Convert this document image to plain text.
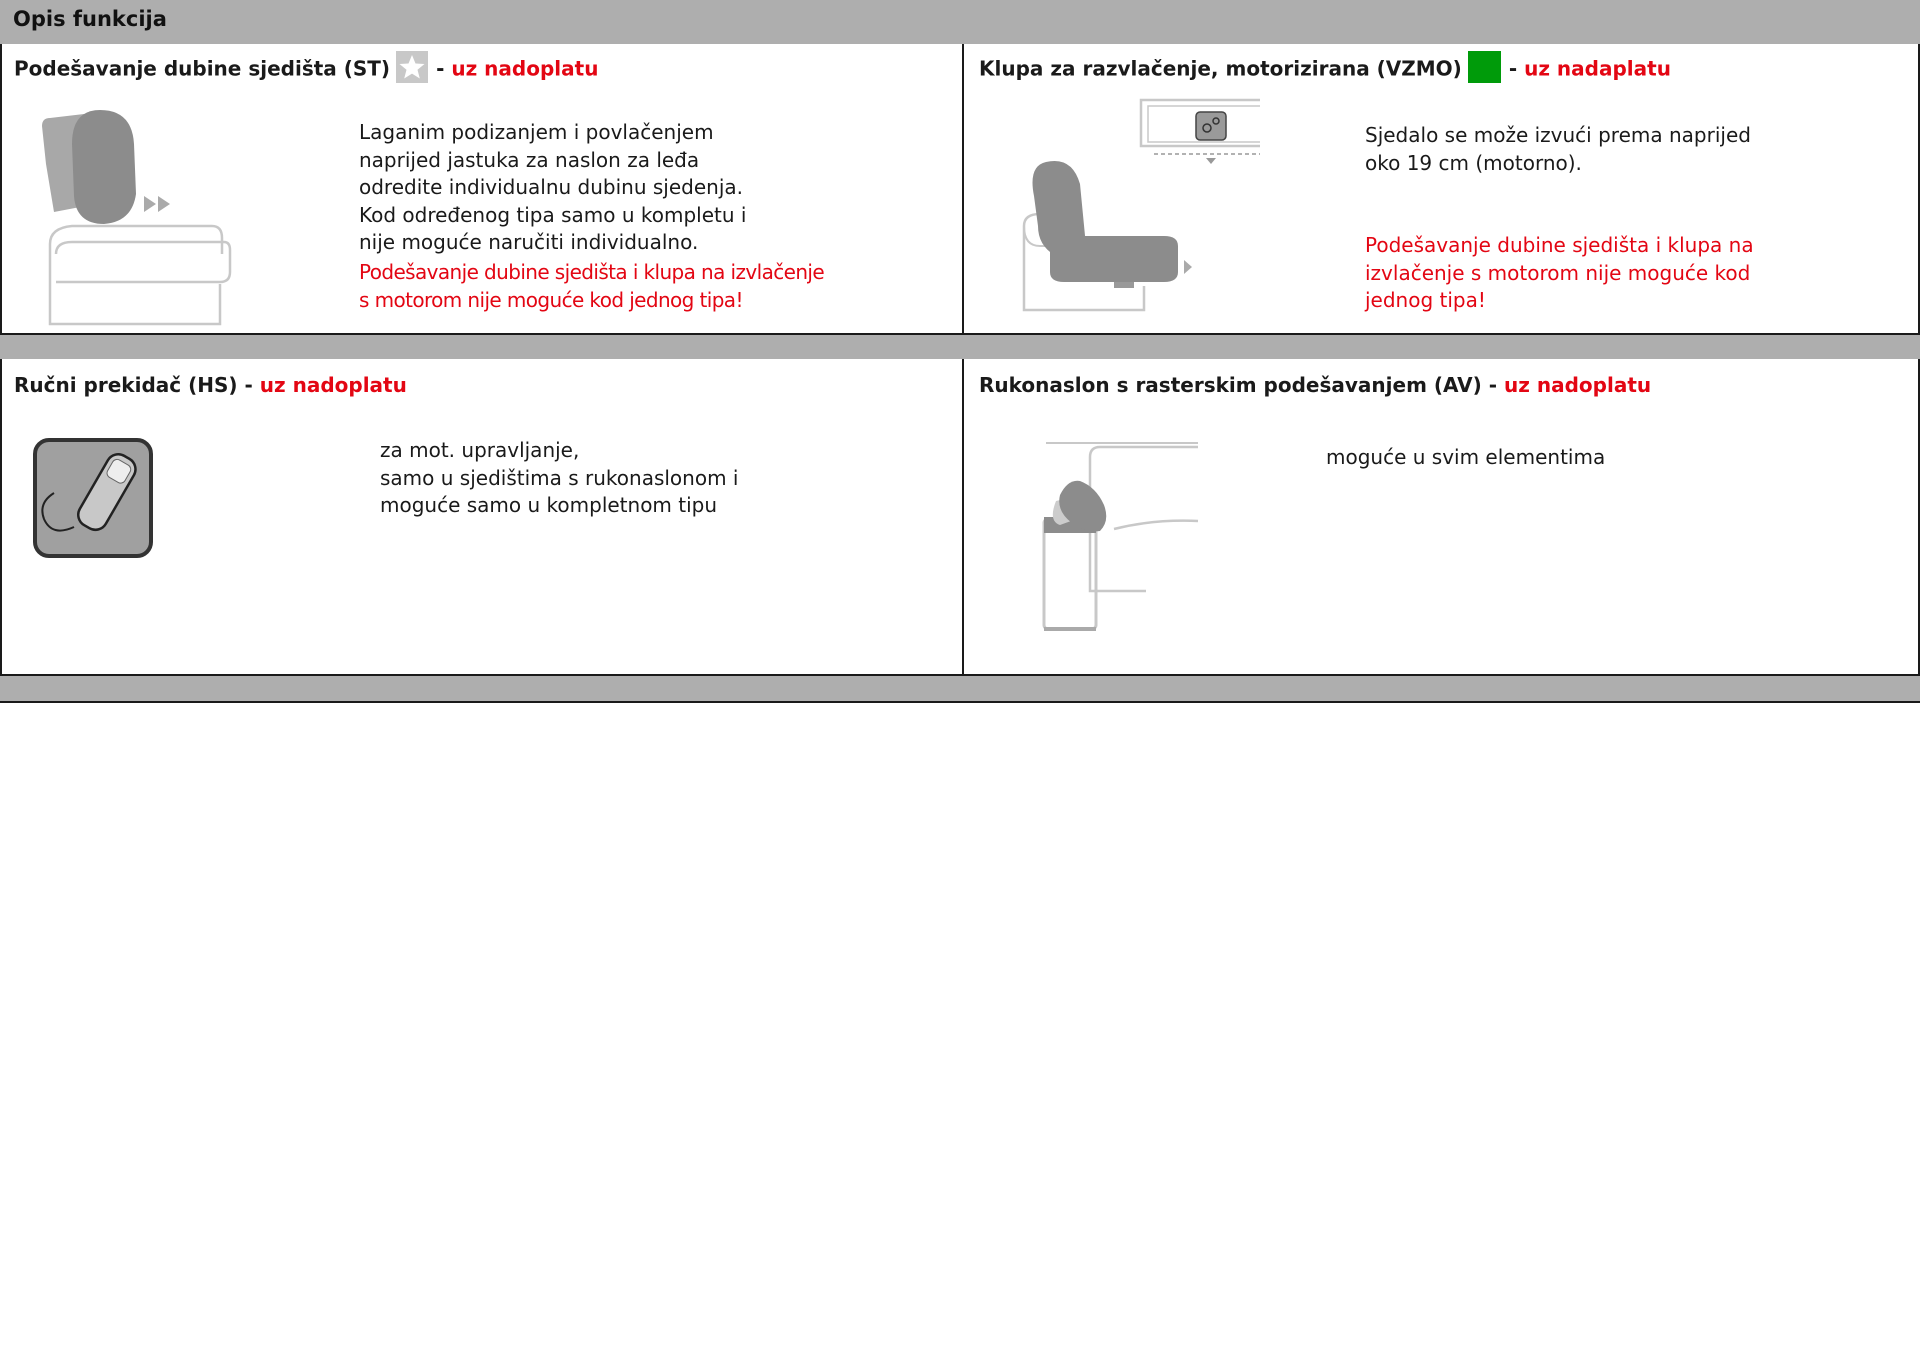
Opis funkcija
Podešavanje dubine sjedišta (ST) - uz nadoplatu
Laganim podizanjem i povlačenjem
naprijed jastuka za naslon za leđa
odredite individualnu dubinu sjedenja.
Kod određenog tipa samo u kompletu i
nije moguće naručiti individualno.
Podešavanje dubine sjedišta i klupa na izvlačenje
s motorom nije moguće kod jednog tipa!
Klupa za razvlačenje, motorizirana (VZMO) - uz nadaplatu
Sjedalo se može izvući prema naprijed
oko 19 cm (motorno).
Podešavanje dubine sjedišta i klupa na
izvlačenje s motorom nije moguće kod
jednog tipa!
Ručni prekidač (HS) - uz nadoplatu
za mot. upravljanje,
samo u sjedištima s rukonaslonom i
moguće samo u kompletnom tipu
Rukonaslon s rasterskim podešavanjem (AV) - uz nadoplatu
moguće u svim elementima
